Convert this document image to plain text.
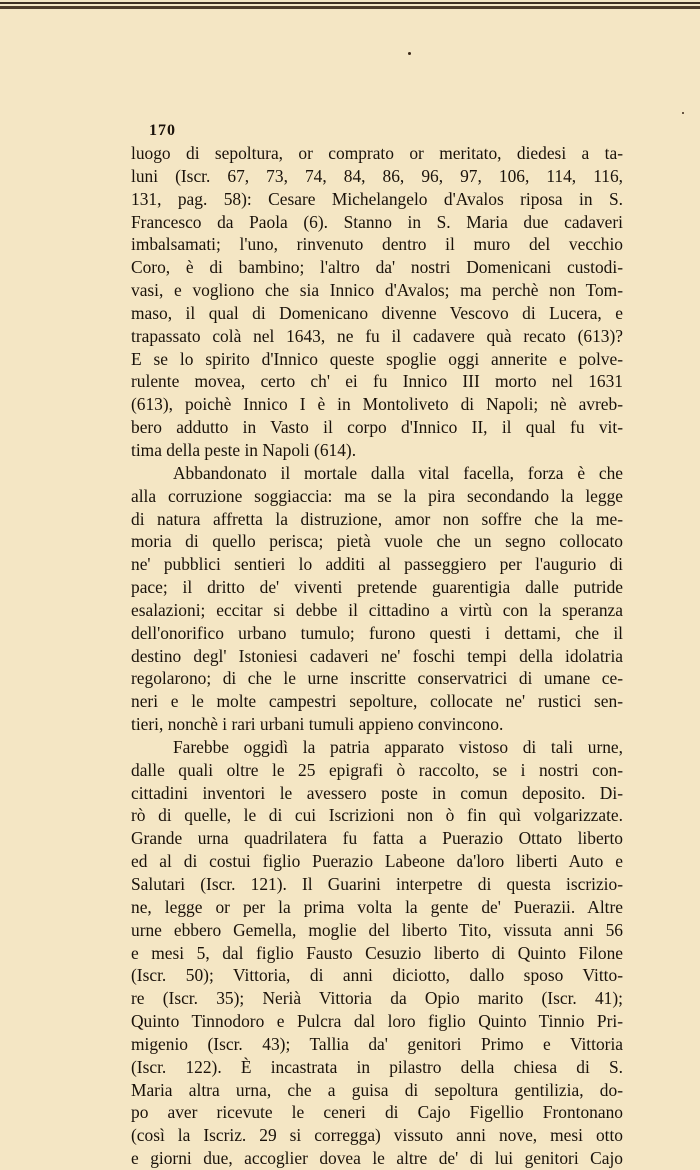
170
luogo di sepoltura, or comprato or meritato, diedesi a ta-
luni (Iscr. 67, 73, 74, 84, 86, 96, 97, 106, 114, 116,
131, pag. 58): Cesare Michelangelo d'Avalos riposa in S.
Francesco da Paola (6). Stanno in S. Maria due cadaveri
imbalsamati; l'uno, rinvenuto dentro il muro del vecchio
Coro, è di bambino; l'altro da' nostri Domenicani custodi-
vasi, e vogliono che sia Innico d'Avalos; ma perchè non Tom-
maso, il qual di Domenicano divenne Vescovo di Lucera, e
trapassato colà nel 1643, ne fu il cadavere quà recato (613)?
E se lo spirito d'Innico queste spoglie oggi annerite e polve-
rulente movea, certo ch' ei fu Innico III morto nel 1631
(613), poichè Innico I è in Montoliveto di Napoli; nè avreb-
bero addutto in Vasto il corpo d'Innico II, il qual fu vit-
tima della peste in Napoli (614).
Abbandonato il mortale dalla vital facella, forza è che
alla corruzione soggiaccia: ma se la pira secondando la legge
di natura affretta la distruzione, amor non soffre che la me-
moria di quello perisca; pietà vuole che un segno collocato
ne' pubblici sentieri lo additi al passeggiero per l'augurio di
pace; il dritto de' viventi pretende guarentigia dalle putride
esalazioni; eccitar si debbe il cittadino a virtù con la speranza
dell'onorifico urbano tumulo; furono questi i dettami, che il
destino degl' Istoniesi cadaveri ne' foschi tempi della idolatria
regolarono; di che le urne inscritte conservatrici di umane ce-
neri e le molte campestri sepolture, collocate ne' rustici sen-
tieri, nonchè i rari urbani tumuli appieno convincono.
Farebbe oggidì la patria apparato vistoso di tali urne,
dalle quali oltre le 25 epigrafi ò raccolto, se i nostri con-
cittadini inventori le avessero poste in comun deposito. Di-
rò di quelle, le di cui Iscrizioni non ò fin quì volgarizzate.
Grande urna quadrilatera fu fatta a Puerazio Ottato liberto
ed al di costui figlio Puerazio Labeone da'loro liberti Auto e
Salutari (Iscr. 121). Il Guarini interpetre di questa iscrizio-
ne, legge or per la prima volta la gente de' Puerazii. Altre
urne ebbero Gemella, moglie del liberto Tito, vissuta anni 56
e mesi 5, dal figlio Fausto Cesuzio liberto di Quinto Filone
(Iscr. 50); Vittoria, di anni diciotto, dallo sposo Vitto-
re (Iscr. 35); Nerià Vittoria da Opio marito (Iscr. 41);
Quinto Tinnodoro e Pulcra dal loro figlio Quinto Tinnio Pri-
migenio (Iscr. 43); Tallia da' genitori Primo e Vittoria
(Iscr. 122). È incastrata in pilastro della chiesa di S.
Maria altra urna, che a guisa di sepoltura gentilizia, do-
po aver ricevute le ceneri di Cajo Figellio Frontonano
(così la Iscriz. 29 si corregga) vissuto anni nove, mesi otto
e giorni due, accoglier dovea le altre de' di lui genitori Cajo
